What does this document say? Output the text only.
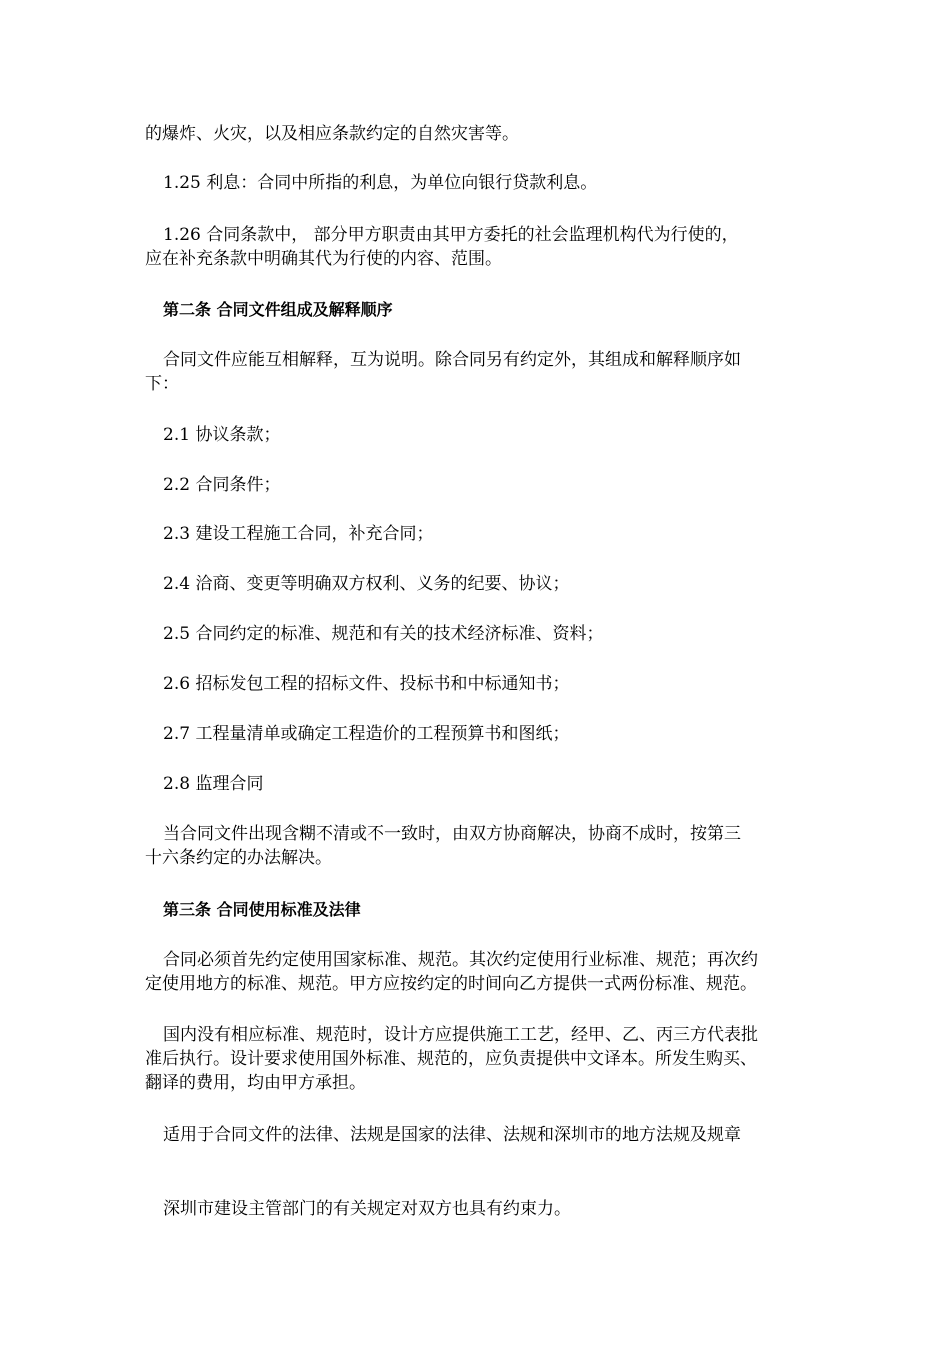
的爆炸、火灾，以及相应条款约定的自然灾害等。
1.25 利息：合同中所指的利息，为单位向银行贷款利息。
1.26 合同条款中， 部分甲方职责由其甲方委托的社会监理机构代为行使的，
应在补充条款中明确其代为行使的内容、范围。
第二条 合同文件组成及解释顺序
合同文件应能互相解释，互为说明。除合同另有约定外，其组成和解释顺序如
下：
2.1 协议条款；
2.2 合同条件；
2.3 建设工程施工合同，补充合同；
2.4 洽商、变更等明确双方权利、义务的纪要、协议；
2.5 合同约定的标准、规范和有关的技术经济标准、资料；
2.6 招标发包工程的招标文件、投标书和中标通知书；
2.7 工程量清单或确定工程造价的工程预算书和图纸；
2.8 监理合同
当合同文件出现含糊不清或不一致时，由双方协商解决，协商不成时，按第三
十六条约定的办法解决。
第三条 合同使用标准及法律
合同必须首先约定使用国家标准、规范。其次约定使用行业标准、规范；再次约
定使用地方的标准、规范。甲方应按约定的时间向乙方提供一式两份标准、规范。
国内没有相应标准、规范时，设计方应提供施工工艺，经甲、乙、丙三方代表批
准后执行。设计要求使用国外标准、规范的，应负责提供中文译本。所发生购买、
翻译的费用，均由甲方承担。
适用于合同文件的法律、法规是国家的法律、法规和深圳市的地方法规及规章
深圳市建设主管部门的有关规定对双方也具有约束力。
